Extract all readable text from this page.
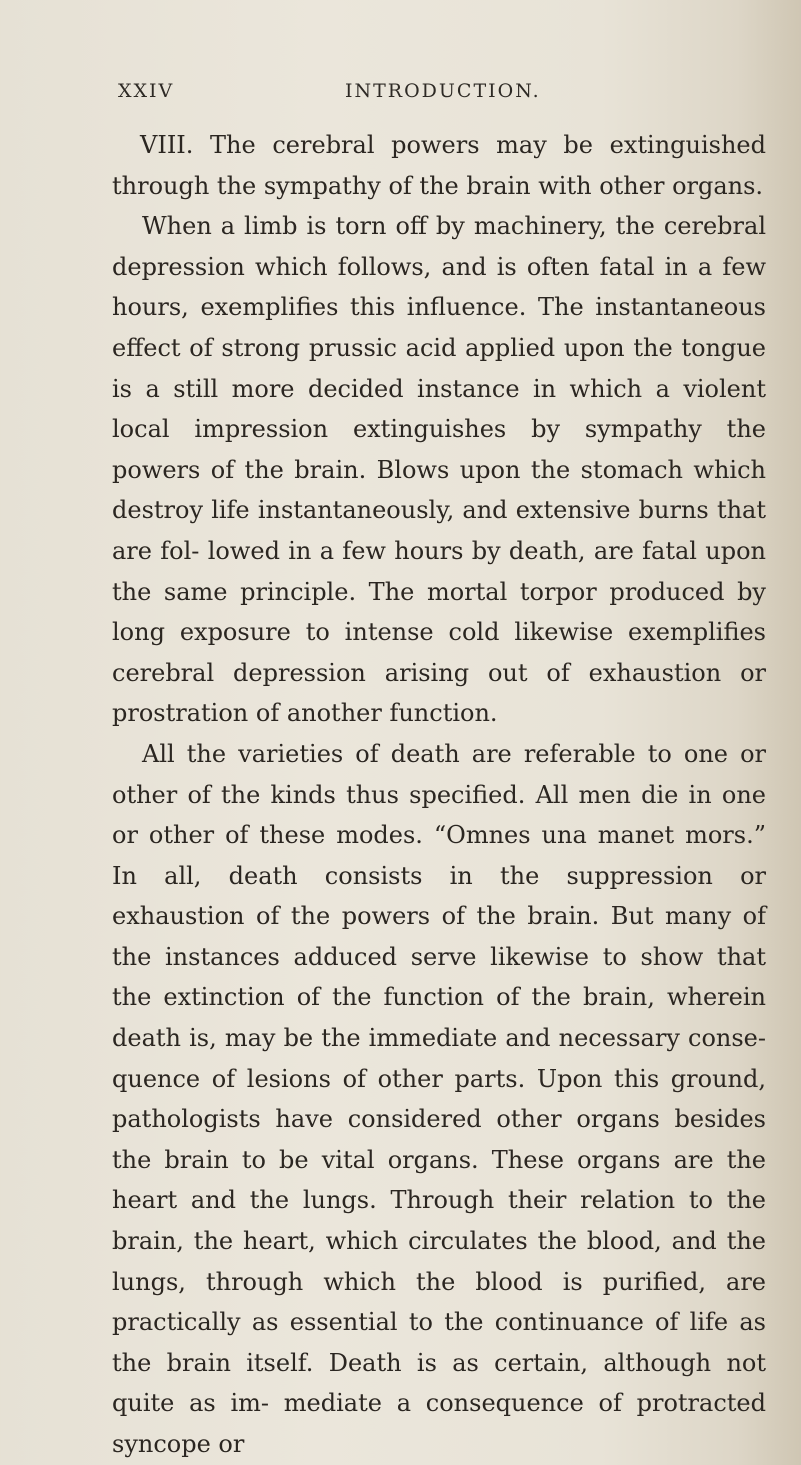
XXIV	INTRODUCTION.

VIII. The cerebral powers may be extinguished through the sympathy of the brain with other organs.

When a limb is torn off by machinery, the cerebral depression which follows, and is often fatal in a few hours, exemplifies this influence. The instantaneous effect of strong prussic acid applied upon the tongue is a still more decided instance in which a violent local impression extinguishes by sympathy the powers of the brain. Blows upon the stomach which destroy life instantaneously, and extensive burns that are fol- lowed in a few hours by death, are fatal upon the same principle. The mortal torpor produced by long exposure to intense cold likewise exemplifies cerebral depression arising out of exhaustion or prostration of another function.

All the varieties of death are referable to one or other of the kinds thus specified. All men die in one or other of these modes. “Omnes una manet mors.” In all, death consists in the suppression or exhaustion of the powers of the brain. But many of the instances adduced serve likewise to show that the extinction of the function of the brain, wherein death is, may be the immediate and necessary conse- quence of lesions of other parts. Upon this ground, pathologists have considered other organs besides the brain to be vital organs. These organs are the heart and the lungs. Through their relation to the brain, the heart, which circulates the blood, and the lungs, through which the blood is purified, are practically as essential to the continuance of life as the brain itself. Death is as certain, although not quite as im- mediate a consequence of protracted syncope or
